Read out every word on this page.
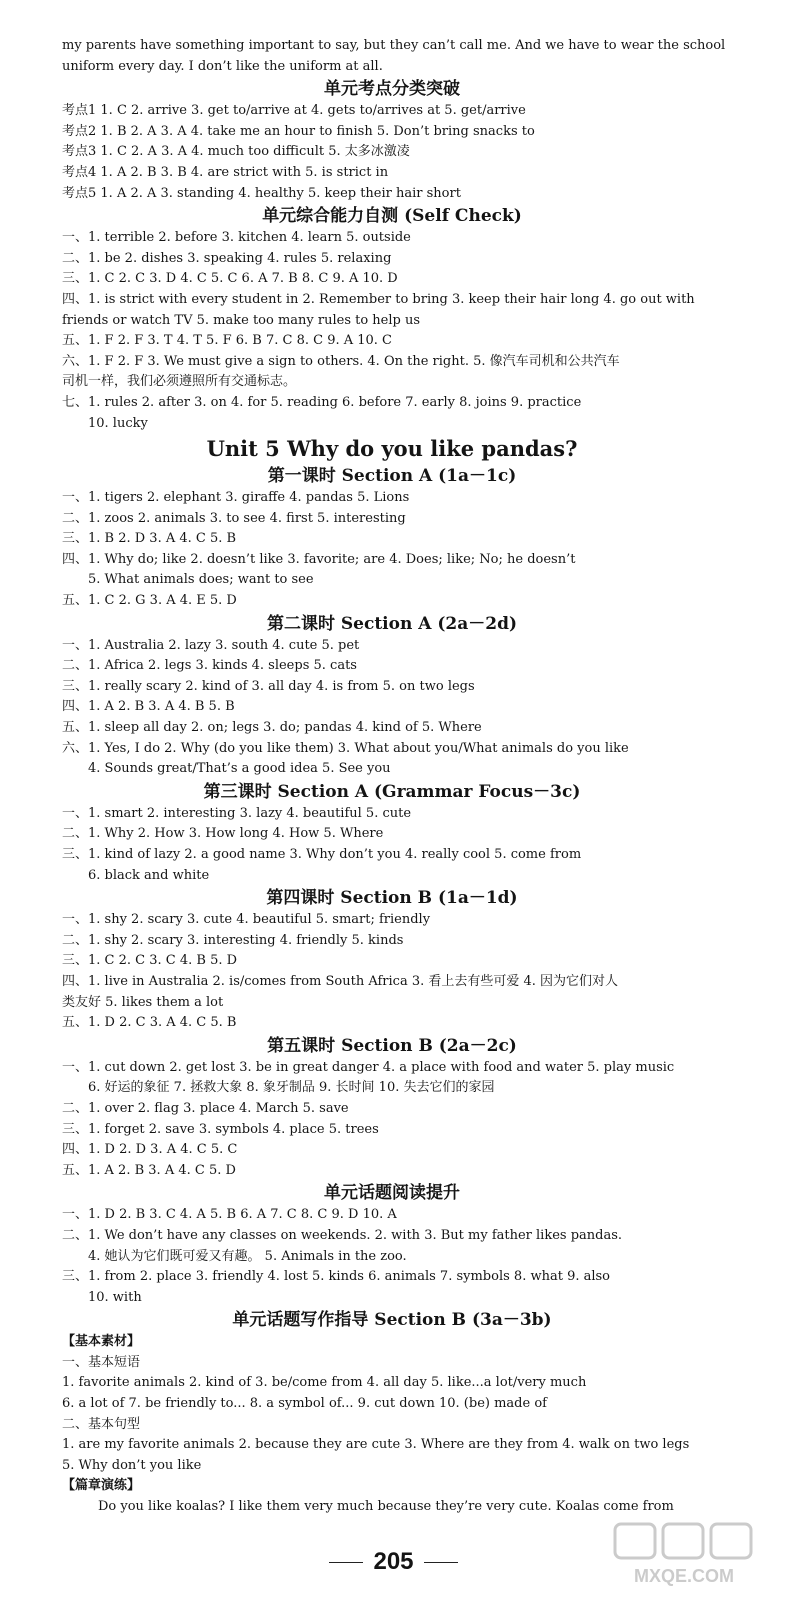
my parents have something important to say, but they can’t call me. And we have to wear the school
uniform every day. I don’t like the uniform at all.
单元考点分类突破
考点1 1. C 2. arrive 3. get to/arrive at 4. gets to/arrives at 5. get/arrive
考点2 1. B 2. A 3. A 4. take me an hour to finish 5. Don’t bring snacks to
考点3 1. C 2. A 3. A 4. much too difficult 5. 太多冰激凌
考点4 1. A 2. B 3. B 4. are strict with 5. is strict in
考点5 1. A 2. A 3. standing 4. healthy 5. keep their hair short
单元综合能力自测 (Self Check)
一、1. terrible 2. before 3. kitchen 4. learn 5. outside
二、1. be 2. dishes 3. speaking 4. rules 5. relaxing
三、1. C 2. C 3. D 4. C 5. C 6. A 7. B 8. C 9. A 10. D
四、1. is strict with every student in 2. Remember to bring 3. keep their hair long 4. go out with
friends or watch TV 5. make too many rules to help us
五、1. F 2. F 3. T 4. T 5. F 6. B 7. C 8. C 9. A 10. C
六、1. F 2. F 3. We must give a sign to others. 4. On the right. 5. 像汽车司机和公共汽车
司机一样，我们必须遵照所有交通标志。
七、1. rules 2. after 3. on 4. for 5. reading 6. before 7. early 8. joins 9. practice
10. lucky
Unit 5 Why do you like pandas?
第一课时 Section A (1a－1c)
一、1. tigers 2. elephant 3. giraffe 4. pandas 5. Lions
二、1. zoos 2. animals 3. to see 4. first 5. interesting
三、1. B 2. D 3. A 4. C 5. B
四、1. Why do; like 2. doesn’t like 3. favorite; are 4. Does; like; No; he doesn’t
5. What animals does; want to see
五、1. C 2. G 3. A 4. E 5. D
第二课时 Section A (2a－2d)
一、1. Australia 2. lazy 3. south 4. cute 5. pet
二、1. Africa 2. legs 3. kinds 4. sleeps 5. cats
三、1. really scary 2. kind of 3. all day 4. is from 5. on two legs
四、1. A 2. B 3. A 4. B 5. B
五、1. sleep all day 2. on; legs 3. do; pandas 4. kind of 5. Where
六、1. Yes, I do 2. Why (do you like them) 3. What about you/What animals do you like
4. Sounds great/That’s a good idea 5. See you
第三课时 Section A (Grammar Focus－3c)
一、1. smart 2. interesting 3. lazy 4. beautiful 5. cute
二、1. Why 2. How 3. How long 4. How 5. Where
三、1. kind of lazy 2. a good name 3. Why don’t you 4. really cool 5. come from
6. black and white
第四课时 Section B (1a－1d)
一、1. shy 2. scary 3. cute 4. beautiful 5. smart; friendly
二、1. shy 2. scary 3. interesting 4. friendly 5. kinds
三、1. C 2. C 3. C 4. B 5. D
四、1. live in Australia 2. is/comes from South Africa 3. 看上去有些可爱 4. 因为它们对人
类友好 5. likes them a lot
五、1. D 2. C 3. A 4. C 5. B
第五课时 Section B (2a－2c)
一、1. cut down 2. get lost 3. be in great danger 4. a place with food and water 5. play music
6. 好运的象征 7. 拯救大象 8. 象牙制品 9. 长时间 10. 失去它们的家园
二、1. over 2. flag 3. place 4. March 5. save
三、1. forget 2. save 3. symbols 4. place 5. trees
四、1. D 2. D 3. A 4. C 5. C
五、1. A 2. B 3. A 4. C 5. D
单元话题阅读提升
一、1. D 2. B 3. C 4. A 5. B 6. A 7. C 8. C 9. D 10. A
二、1. We don’t have any classes on weekends. 2. with 3. But my father likes pandas.
4. 她认为它们既可爱又有趣。 5. Animals in the zoo.
三、1. from 2. place 3. friendly 4. lost 5. kinds 6. animals 7. symbols 8. what 9. also
10. with
单元话题写作指导 Section B (3a－3b)
【基本素材】
一、基本短语
1. favorite animals 2. kind of 3. be/come from 4. all day 5. like...a lot/very much
6. a lot of 7. be friendly to... 8. a symbol of... 9. cut down 10. (be) made of
二、基本句型
1. are my favorite animals 2. because they are cute 3. Where are they from 4. walk on two legs
5. Why don’t you like
【篇章演练】
Do you like koalas? I like them very much because they’re very cute. Koalas come from
205
MXQE.COM
